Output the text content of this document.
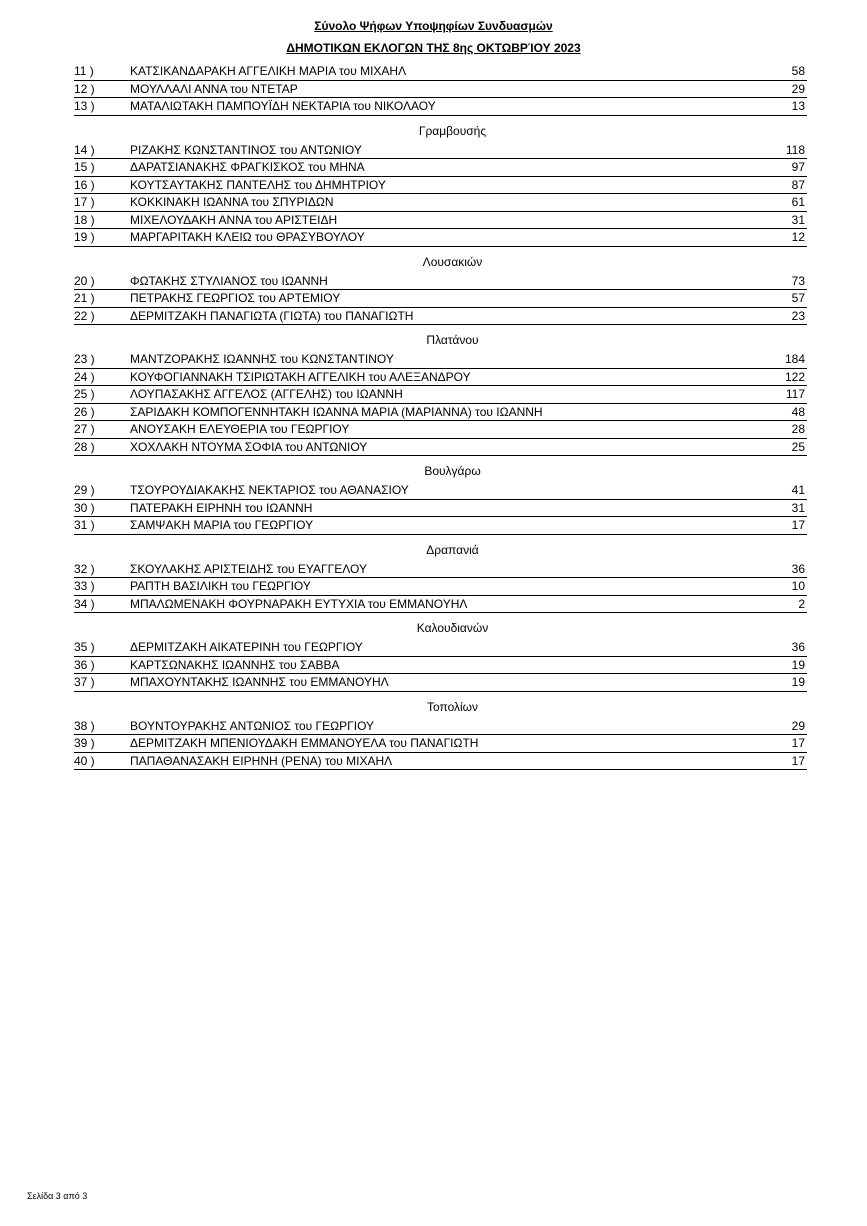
Σύνολο Ψήφων Υποψηφίων Συνδυασμών
ΔΗΜΟΤΙΚΩΝ ΕΚΛΟΓΩΝ ΤΗΣ 8ης ΟΚΤΩΒΡΊΟΥ 2023
11 )	ΚΑΤΣΙΚΑΝΔΑΡΑΚΗ ΑΓΓΕΛΙΚΗ ΜΑΡΙΑ του ΜΙΧΑΗΛ	58
12 )	ΜΟΥΛΛΑΛΙ ΑΝΝΑ του ΝΤΕΤΑΡ	29
13 )	ΜΑΤΑΛΙΩΤΑΚΗ ΠΑΜΠΟΥΪΔΗ ΝΕΚΤΑΡΙΑ του ΝΙΚΟΛΑΟΥ	13
Γραμβουσής
14 )	ΡΙΖΑΚΗΣ ΚΩΝΣΤΑΝΤΙΝΟΣ του ΑΝΤΩΝΙΟΥ	118
15 )	ΔΑΡΑΤΣΙΑΝΑΚΗΣ ΦΡΑΓΚΙΣΚΟΣ του ΜΗΝΑ	97
16 )	ΚΟΥΤΣΑΥΤΑΚΗΣ ΠΑΝΤΕΛΗΣ του ΔΗΜΗΤΡΙΟΥ	87
17 )	ΚΟΚΚΙΝΑΚΗ ΙΩΑΝΝΑ του ΣΠΥΡΙΔΩΝ	61
18 )	ΜΙΧΕΛΟΥΔΑΚΗ ΑΝΝΑ του ΑΡΙΣΤΕΙΔΗ	31
19 )	ΜΑΡΓΑΡΙΤΑΚΗ ΚΛΕΙΩ του ΘΡΑΣΥΒΟΥΛΟΥ	12
Λουσακιών
20 )	ΦΩΤΑΚΗΣ ΣΤΥΛΙΑΝΟΣ του ΙΩΑΝΝΗ	73
21 )	ΠΕΤΡΑΚΗΣ ΓΕΩΡΓΙΟΣ του ΑΡΤΕΜΙΟΥ	57
22 )	ΔΕΡΜΙΤΖΑΚΗ ΠΑΝΑΓΙΩΤΑ (ΓΙΩΤΑ) του ΠΑΝΑΓΙΩΤΗ	23
Πλατάνου
23 )	ΜΑΝΤΖΟΡΑΚΗΣ ΙΩΑΝΝΗΣ του ΚΩΝΣΤΑΝΤΙΝΟΥ	184
24 )	ΚΟΥΦΟΓΙΑΝΝΑΚΗ ΤΣΙΡΙΩΤΑΚΗ ΑΓΓΕΛΙΚΗ του ΑΛΕΞΑΝΔΡΟΥ	122
25 )	ΛΟΥΠΑΣΑΚΗΣ ΑΓΓΕΛΟΣ (ΑΓΓΕΛΗΣ) του ΙΩΑΝΝΗ	117
26 )	ΣΑΡΙΔΑΚΗ ΚΟΜΠΟΓΕΝΝΗΤΑΚΗ ΙΩΑΝΝΑ ΜΑΡΙΑ (ΜΑΡΙΑΝΝΑ) του ΙΩΑΝΝΗ	48
27 )	ΑΝΟΥΣΑΚΗ ΕΛΕΥΘΕΡΙΑ του ΓΕΩΡΓΙΟΥ	28
28 )	ΧΟΧΛΑΚΗ ΝΤΟΥΜΑ ΣΟΦΙΑ του ΑΝΤΩΝΙΟΥ	25
Βουλγάρω
29 )	ΤΣΟΥΡΟΥΔΙΑΚΑΚΗΣ ΝΕΚΤΑΡΙΟΣ του ΑΘΑΝΑΣΙΟΥ	41
30 )	ΠΑΤΕΡΑΚΗ ΕΙΡΗΝΗ του ΙΩΑΝΝΗ	31
31 )	ΣΑΜΨΑΚΗ ΜΑΡΙΑ του ΓΕΩΡΓΙΟΥ	17
Δραπανιά
32 )	ΣΚΟΥΛΑΚΗΣ ΑΡΙΣΤΕΙΔΗΣ του ΕΥΑΓΓΕΛΟΥ	36
33 )	ΡΑΠΤΗ ΒΑΣΙΛΙΚΗ του ΓΕΩΡΓΙΟΥ	10
34 )	ΜΠΑΛΩΜΕΝΑΚΗ ΦΟΥΡΝΑΡΑΚΗ ΕΥΤΥΧΙΑ του ΕΜΜΑΝΟΥΗΛ	2
Καλουδιανών
35 )	ΔΕΡΜΙΤΖΑΚΗ ΑΙΚΑΤΕΡΙΝΗ του ΓΕΩΡΓΙΟΥ	36
36 )	ΚΑΡΤΣΩΝΑΚΗΣ ΙΩΑΝΝΗΣ του ΣΑΒΒΑ	19
37 )	ΜΠΑΧΟΥΝΤΑΚΗΣ ΙΩΑΝΝΗΣ του ΕΜΜΑΝΟΥΗΛ	19
Τοπολίων
38 )	ΒΟΥΝΤΟΥΡΑΚΗΣ ΑΝΤΩΝΙΟΣ του ΓΕΩΡΓΙΟΥ	29
39 )	ΔΕΡΜΙΤΖΑΚΗ ΜΠΕΝΙΟΥΔΑΚΗ ΕΜΜΑΝΟΥΕΛΑ του ΠΑΝΑΓΙΩΤΗ	17
40 )	ΠΑΠΑΘΑΝΑΣΑΚΗ ΕΙΡΗΝΗ (ΡΕΝΑ) του ΜΙΧΑΗΛ	17
Σελίδα 3 από 3
